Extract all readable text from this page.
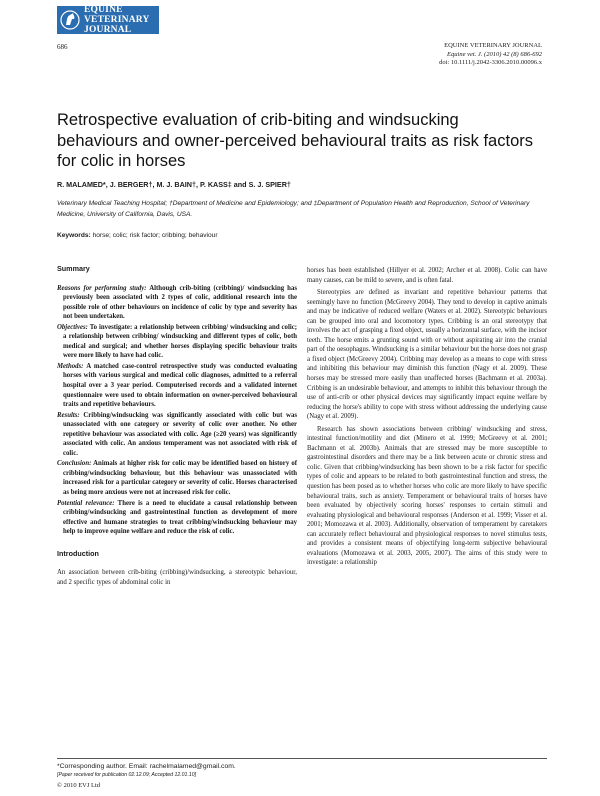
EQUINE VETERINARY
JOURNAL
686	EQUINE VETERINARY JOURNAL
Equine vet. J. (2010) 42 (8) 686-692
doi: 10.1111/j.2042-3306.2010.00096.x
Retrospective evaluation of crib-biting and windsucking behaviours and owner-perceived behavioural traits as risk factors for colic in horses
R. MALAMED*, J. BERGER†, M. J. BAIN†, P. KASS‡ and S. J. SPIER†
Veterinary Medical Teaching Hospital; †Department of Medicine and Epidemiology; and ‡Department of Population Health and Reproduction, School of Veterinary Medicine, University of California, Davis, USA.
Keywords: horse; colic; risk factor; cribbing; behaviour
Summary
Reasons for performing study: Although crib-biting (cribbing)/ windsucking has previously been associated with 2 types of colic, additional research into the possible role of other behaviours on incidence of colic by type and severity has not been undertaken.
Objectives: To investigate: a relationship between cribbing/ windsucking and colic; a relationship between cribbing/ windsucking and different types of colic, both medical and surgical; and whether horses displaying specific behaviour traits were more likely to have had colic.
Methods: A matched case-control retrospective study was conducted evaluating horses with various surgical and medical colic diagnoses, admitted to a referral hospital over a 3 year period. Computerised records and a validated internet questionnaire were used to obtain information on owner-perceived behavioural traits and repetitive behaviours.
Results: Cribbing/windsucking was significantly associated with colic but was unassociated with one category or severity of colic over another. No other repetitive behaviour was associated with colic. Age (≥20 years) was significantly associated with colic. An anxious temperament was not associated with risk of colic.
Conclusion: Animals at higher risk for colic may be identified based on history of cribbing/windsucking behaviour, but this behaviour was unassociated with increased risk for a particular category or severity of colic. Horses characterised as being more anxious were not at increased risk for colic.
Potential relevance: There is a need to elucidate a causal relationship between cribbing/windsucking and gastrointestinal function as development of more effective and humane strategies to treat cribbing/windsucking behaviour may help to improve equine welfare and reduce the risk of colic.
Introduction

An association between crib-biting (cribbing)/windsucking, a stereotypic behaviour, and 2 specific types of abdominal colic in

horses has been established (Hillyer et al. 2002; Archer et al. 2008). Colic can have many causes, can be mild to severe, and is often fatal.

Stereotypies are defined as invariant and repetitive behaviour patterns that seemingly have no function (McGreevy 2004). They tend to develop in captive animals and may be indicative of reduced welfare (Waters et al. 2002). Stereotypic behaviours can be grouped into oral and locomotory types. Cribbing is an oral stereotypy that involves the act of grasping a fixed object, usually a horizontal surface, with the incisor teeth. The horse emits a grunting sound with or without aspirating air into the cranial part of the oesophagus. Windsucking is a similar behaviour but the horse does not grasp a fixed object (McGreevy 2004). Cribbing may develop as a means to cope with stress and inhibiting this behaviour may diminish this function (Nagy et al. 2009). These horses may be stressed more easily than unaffected horses (Bachmann et al. 2003a). Cribbing is an undesirable behaviour, and attempts to inhibit this behaviour through the use of anti-crib or other physical devices may significantly impact equine welfare by reducing the horse's ability to cope with stress without addressing the underlying cause (Nagy et al. 2009).

Research has shown associations between cribbing/ windsucking and stress, intestinal function/motility and diet (Minero et al. 1999; McGreevy et al. 2001; Bachmann et al. 2003b). Animals that are stressed may be more susceptible to gastrointestinal disorders and there may be a link between acute or chronic stress and colic. Given that cribbing/windsucking has been shown to be a risk factor for specific types of colic and appears to be related to both gastrointestinal function and stress, the question has been posed as to whether horses who colic are more likely to have specific behavioural traits, such as anxiety. Temperament or behavioural traits of horses have been evaluated by objectively scoring horses' responses to certain stimuli and evaluating physiological and behavioural responses (Anderson et al. 1999; Visser et al. 2001; Momozawa et al. 2003). Additionally, observation of temperament by caretakers can accurately reflect behavioural and physiological responses to novel stimulus tests, and provides a consistent means of objectifying long-term subjective behavioural evaluations (Momozawa et al. 2003, 2005, 2007). The aims of this study were to investigate: a relationship

*Corresponding author. Email: rachelmalamed@gmail.com.
[Paper received for publication 02.12.09; Accepted 12.01.10]
© 2010 EVJ Ltd
